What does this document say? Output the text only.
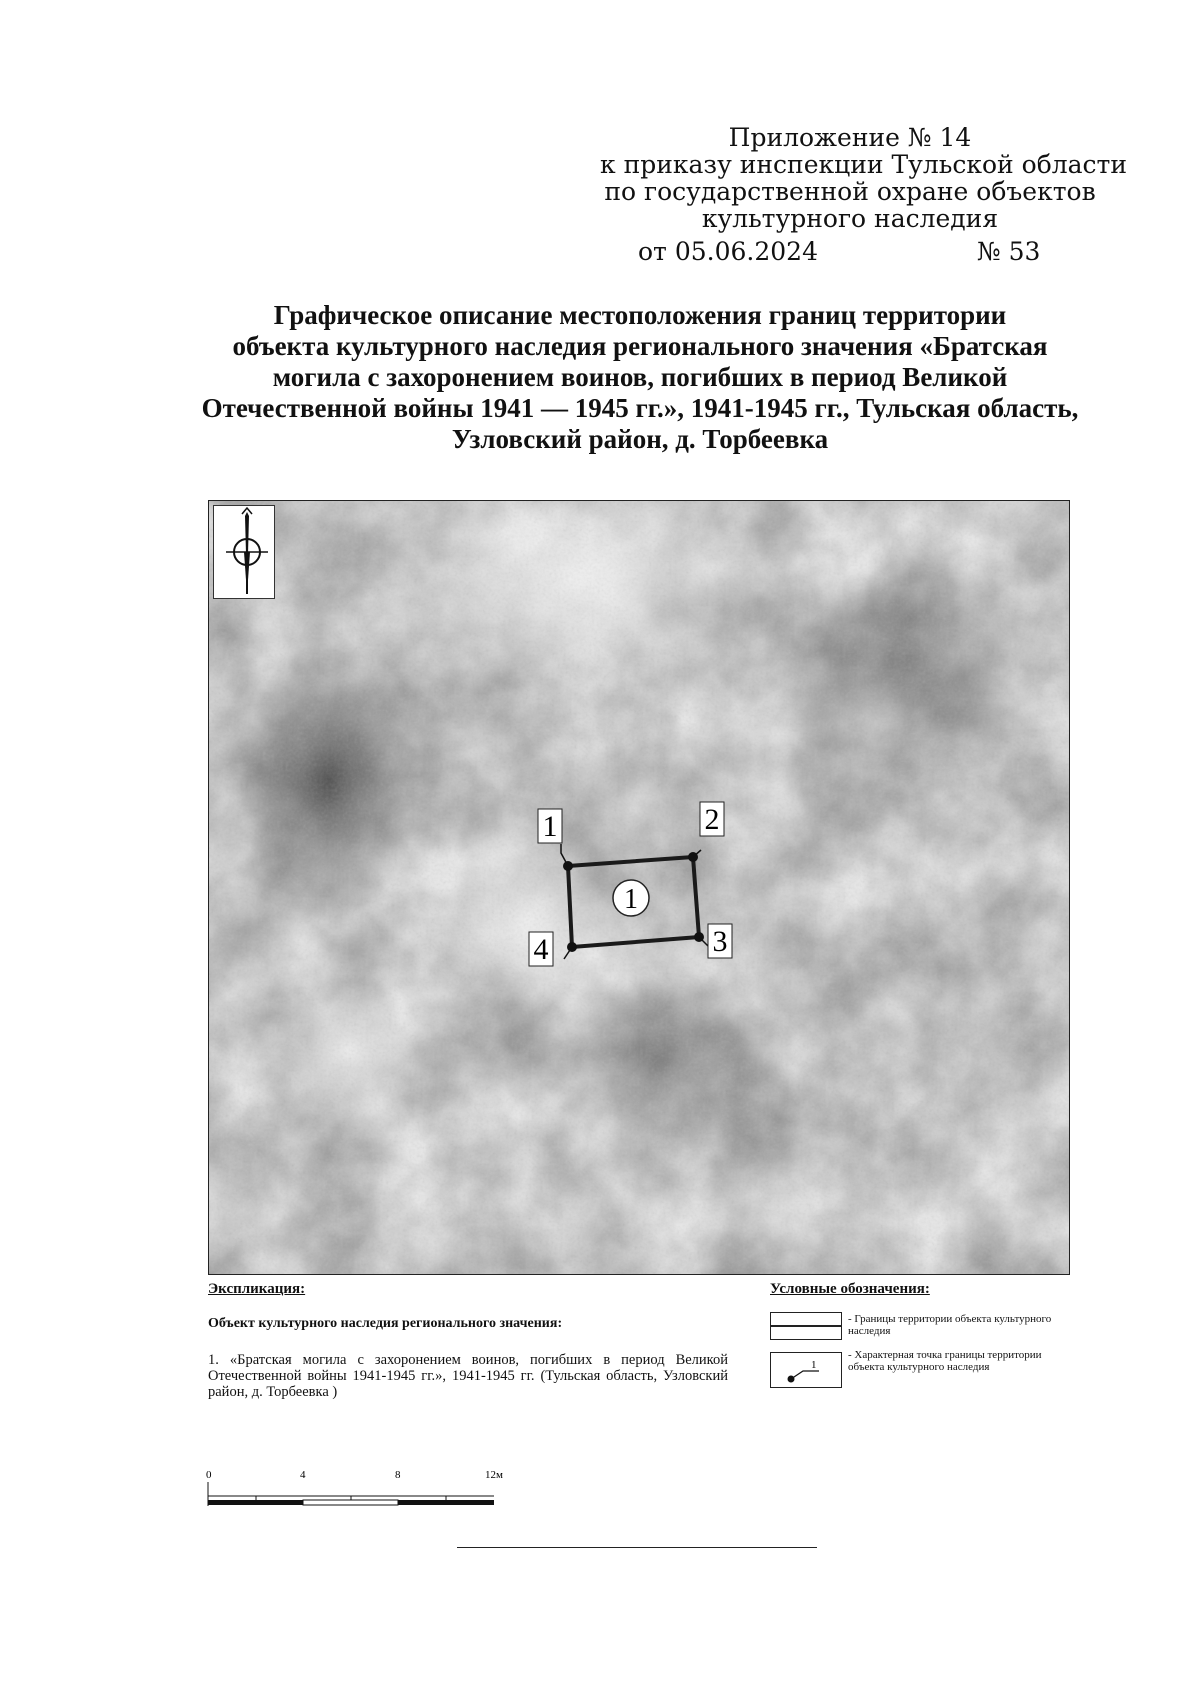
Приложение № 14
к приказу инспекции Тульской области
по государственной охране объектов
культурного наследия
от 05.06.2024	№ 53
Графическое описание местоположения границ территории
объекта культурного наследия регионального значения «Братская
могила с захоронением воинов, погибших в период Великой
Отечественной войны 1941 — 1945 гг.», 1941-1945 гг., Тульская область,
Узловский район, д. Торбеевка
1	2
3
4
1
Экспликация:
Объект культурного наследия регионального значения:
1. «Братская могила с захоронением воинов, погибших в период Великой Отечественной войны 1941-1945 гг.», 1941-1945 гг. (Тульская область, Узловский район, д. Торбеевка )
Условные обозначения:
- Границы территории объекта культурного наследия
1
- Характерная точка границы территории объекта культурного наследия
0	4	8	12м
